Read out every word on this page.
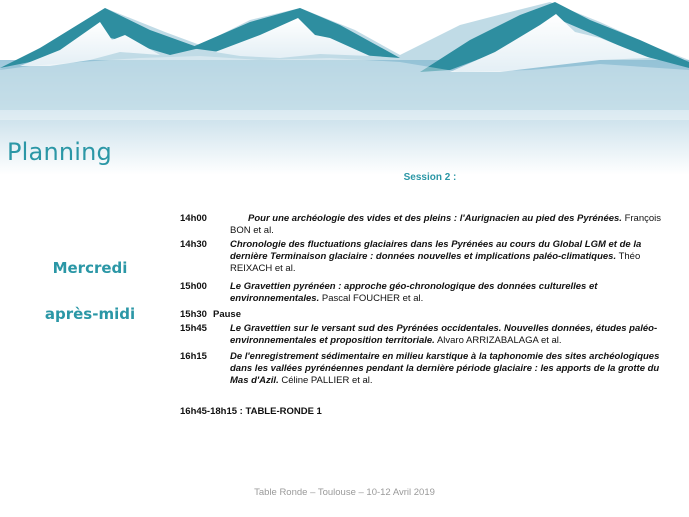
Planning
Mercredi
après-midi
Session 2 :
14h00	Pour une archéologie des vides et des pleins : l'Aurignacien au pied des Pyrénées. François BON et al.
14h30 Chronologie des fluctuations glaciaires dans les Pyrénées au cours du Global LGM et de la dernière Terminaison glaciaire : données nouvelles et implications paléo-climatiques. Théo REIXACH et al.
15h00 Le Gravettien pyrénéen : approche géo-chronologique des données culturelles et environnementales. Pascal FOUCHER et al.
15h30 Pause
15h45 Le Gravettien sur le versant sud des Pyrénées occidentales. Nouvelles données, études paléo-environnementales et proposition territoriale. Alvaro ARRIZABALAGA et al.
16h15 De l'enregistrement sédimentaire en milieu karstique à la taphonomie des sites archéologiques dans les vallées pyrénéennes pendant la dernière période glaciaire : les apports de la grotte du Mas d'Azil. Céline PALLIER et al.
16h45-18h15 : TABLE-RONDE 1
Table Ronde – Toulouse – 10-12 Avril 2019
